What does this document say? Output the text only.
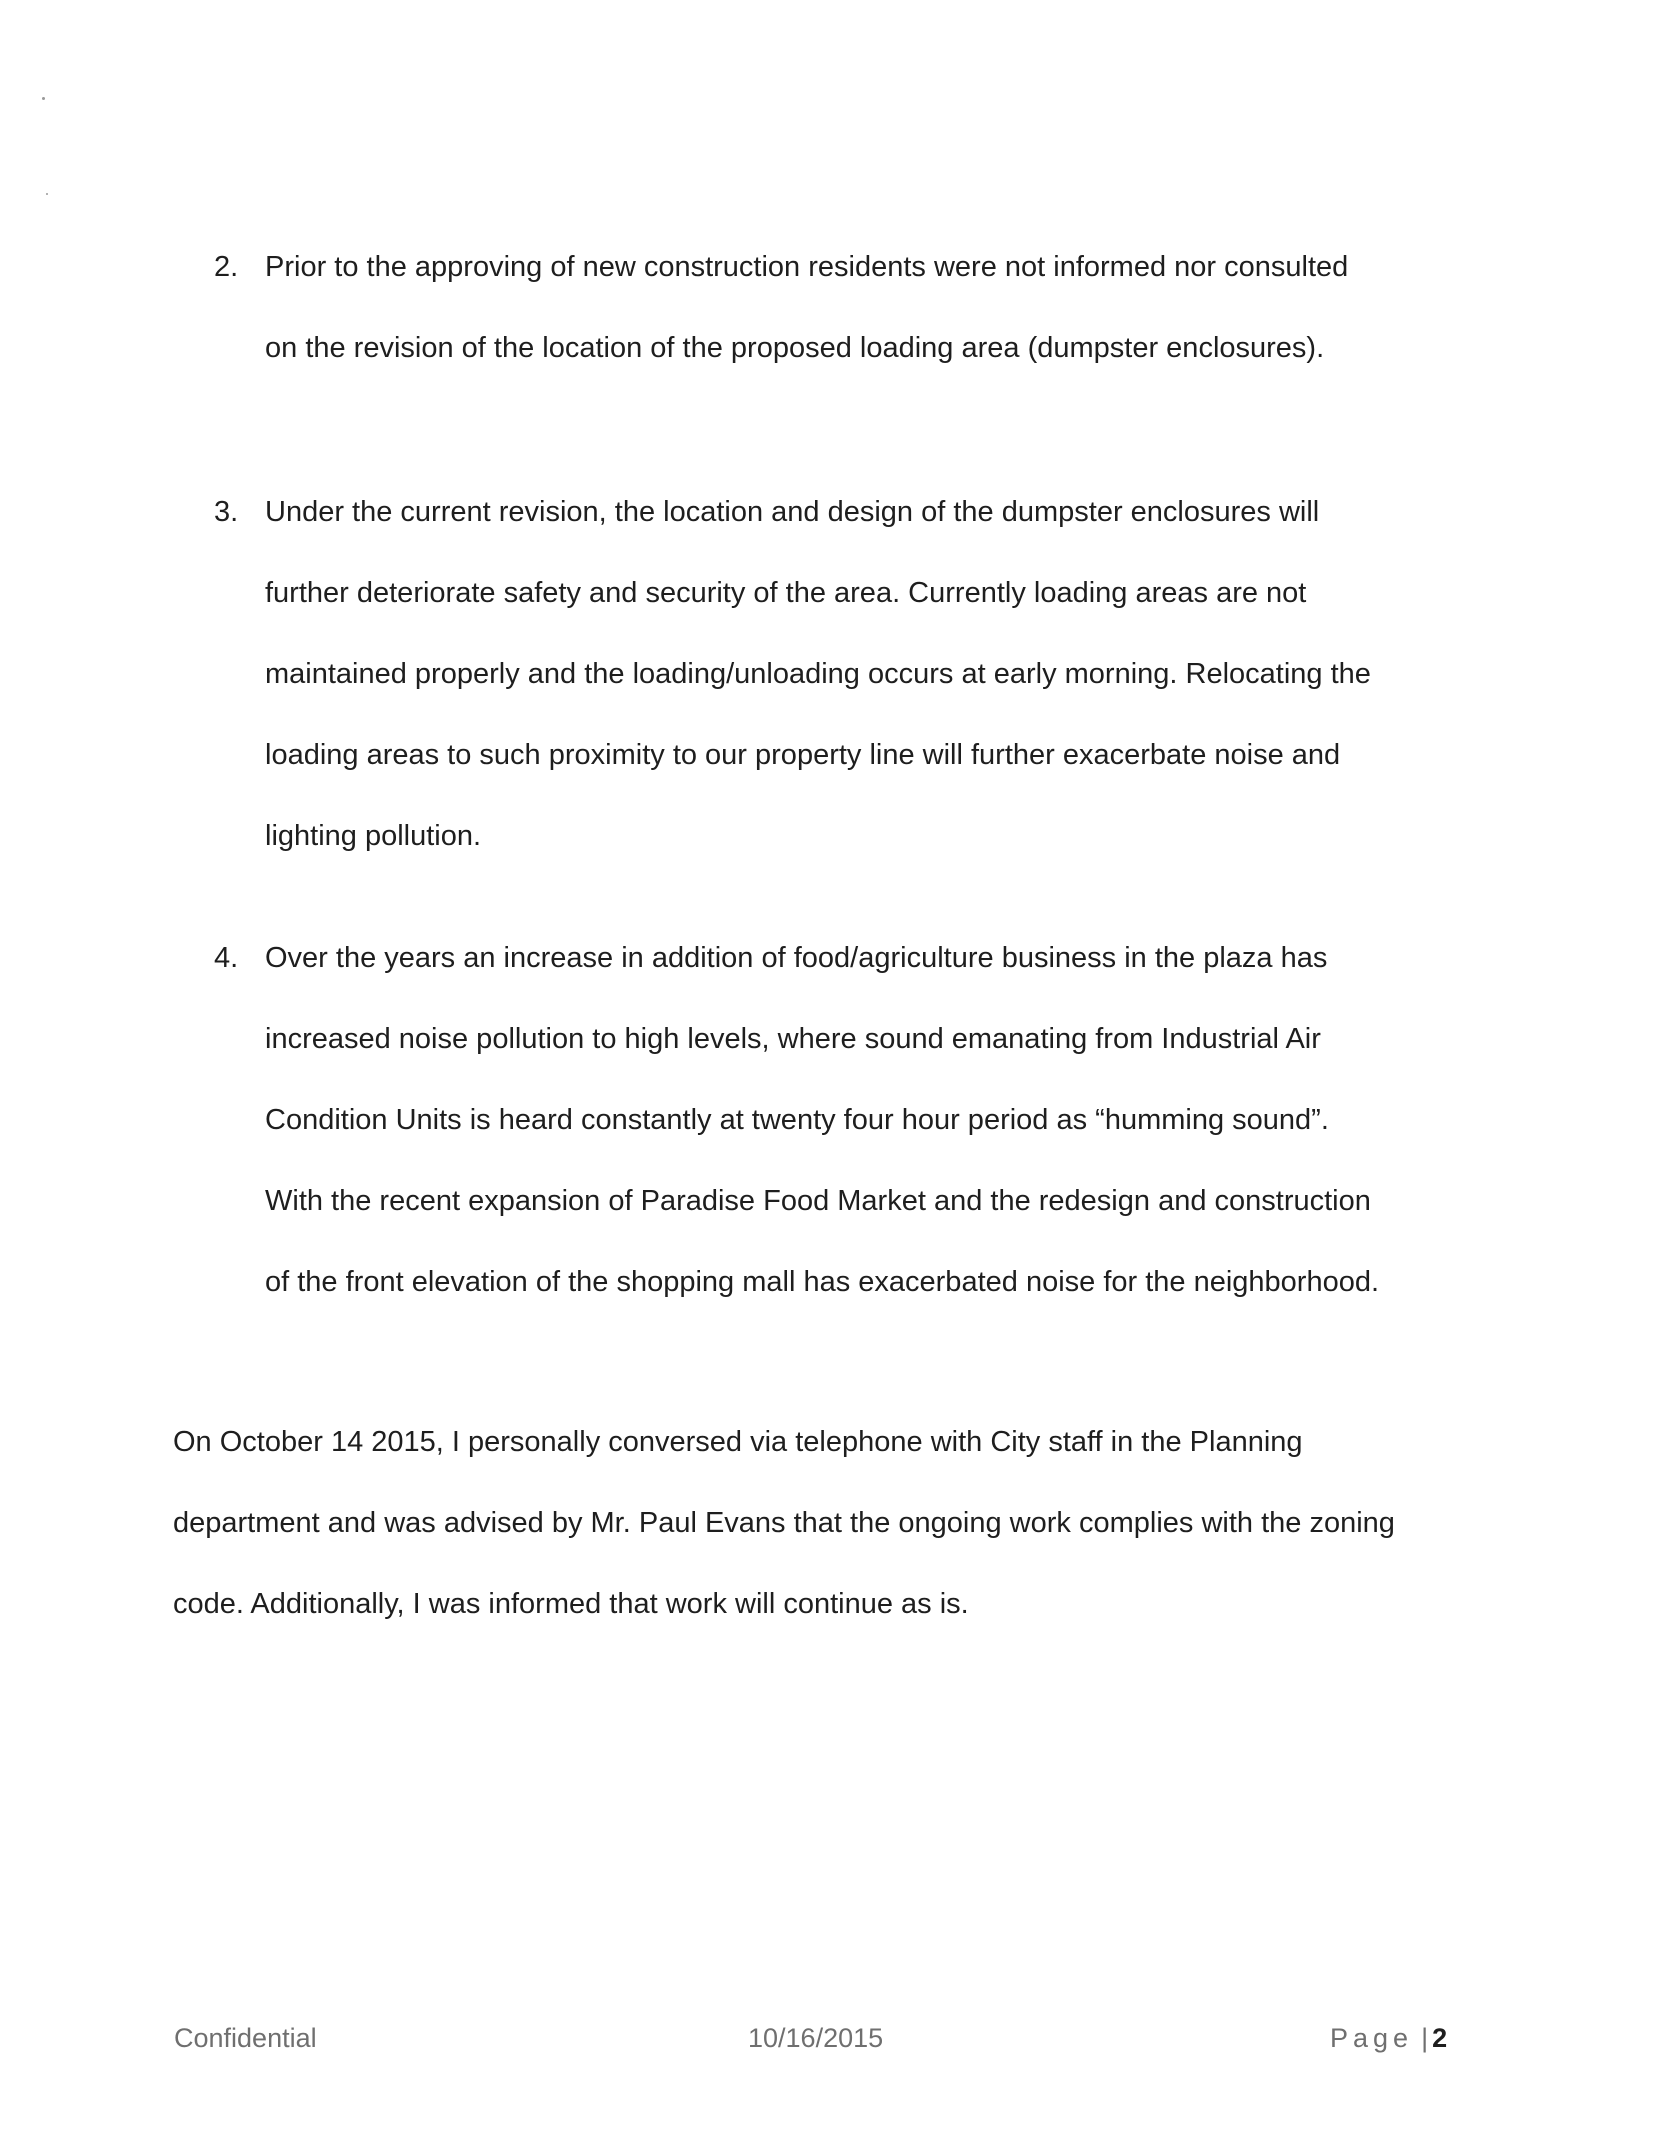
2. Prior to the approving of new construction residents were not informed nor consulted
on the revision of the location of the proposed loading area (dumpster enclosures).
3. Under the current revision, the location and design of the dumpster enclosures will
further deteriorate safety and security of the area. Currently loading areas are not
maintained properly and the loading/unloading occurs at early morning. Relocating the
loading areas to such proximity to our property line will further exacerbate noise and
lighting pollution.
4. Over the years an increase in addition of food/agriculture business in the plaza has
increased noise pollution to high levels, where sound emanating from Industrial Air
Condition Units is heard constantly at twenty four hour period as “humming sound”.
With the recent expansion of Paradise Food Market and the redesign and construction
of the front elevation of the shopping mall has exacerbated noise for the neighborhood.
On October 14 2015, I personally conversed via telephone with City staff in the Planning
department and was advised by Mr. Paul Evans that the ongoing work complies with the zoning
code. Additionally, I was informed that work will continue as is.
Confidential	10/16/2015	Page | 2
